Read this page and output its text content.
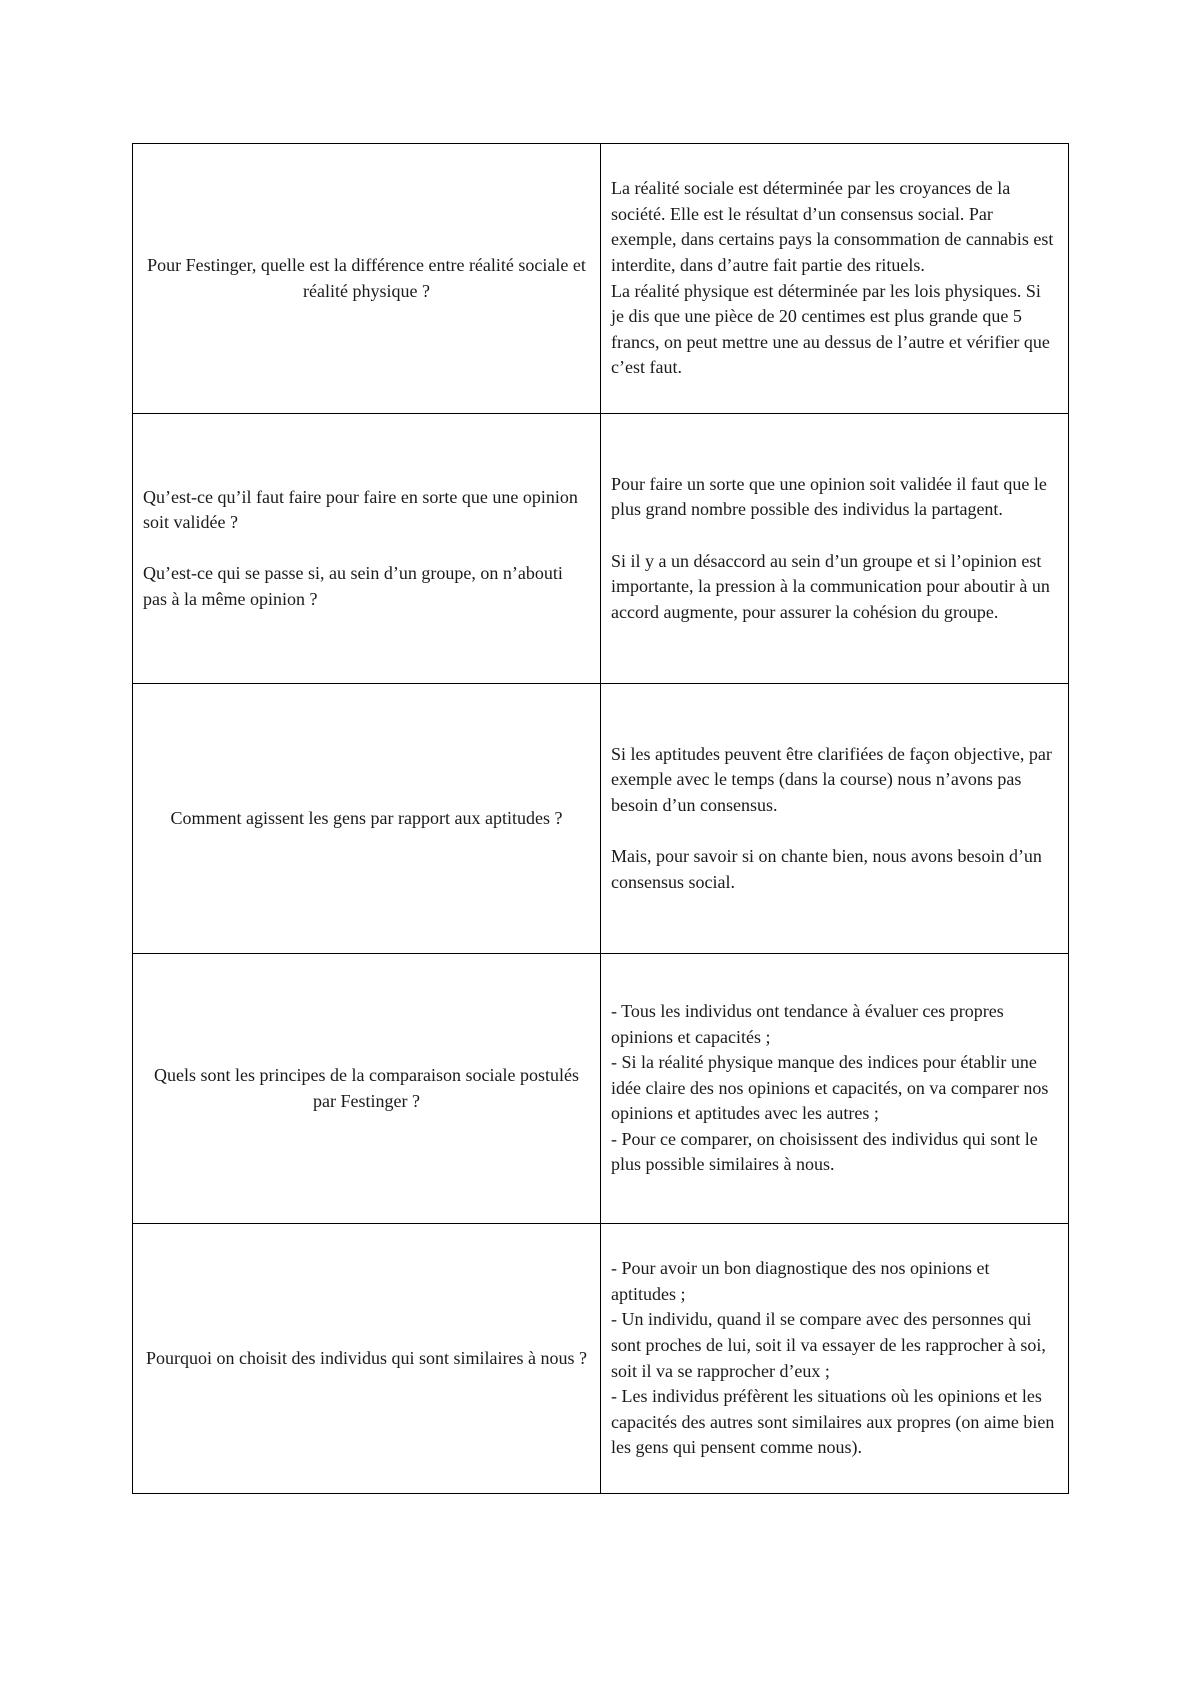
Pour Festinger, quelle est la différence entre réalité sociale et réalité physique ?	La réalité sociale est déterminée par les croyances de la société. Elle est le résultat d’un consensus social. Par exemple, dans certains pays la consommation de cannabis est interdite, dans d’autre fait partie des rituels.
La réalité physique est déterminée par les lois physiques. Si je dis que une pièce de 20 centimes est plus grande que 5 francs, on peut mettre une au dessus de l’autre et vérifier que c’est faut.

Qu’est-ce qu’il faut faire pour faire en sorte que une opinion soit validée ?
Qu’est-ce qui se passe si, au sein d’un groupe, on n’abouti pas à la même opinion ?	Pour faire un sorte que une opinion soit validée il faut que le plus grand nombre possible des individus la partagent.
Si il y a un désaccord au sein d’un groupe et si l’opinion est importante, la pression à la communication pour aboutir à un accord augmente, pour assurer la cohésion du groupe.

Comment agissent les gens par rapport aux aptitudes ?	Si les aptitudes peuvent être clarifiées de façon objective, par exemple avec le temps (dans la course) nous n’avons pas besoin d’un consensus.
Mais, pour savoir si on chante bien, nous avons besoin d’un consensus social.

Quels sont les principes de la comparaison sociale postulés par Festinger ?	- Tous les individus ont tendance à évaluer ces propres opinions et capacités ;
- Si la réalité physique manque des indices pour établir une idée claire des nos opinions et capacités, on va comparer nos opinions et aptitudes avec les autres ;
- Pour ce comparer, on choisissent des individus qui sont le plus possible similaires à nous.

Pourquoi on choisit des individus qui sont similaires à nous ?	- Pour avoir un bon diagnostique des nos opinions et aptitudes ;
- Un individu, quand il se compare avec des personnes qui sont proches de lui, soit il va essayer de les rapprocher à soi, soit il va se rapprocher d’eux ;
- Les individus préfèrent les situations où les opinions et les capacités des autres sont similaires aux propres (on aime bien les gens qui pensent comme nous).
